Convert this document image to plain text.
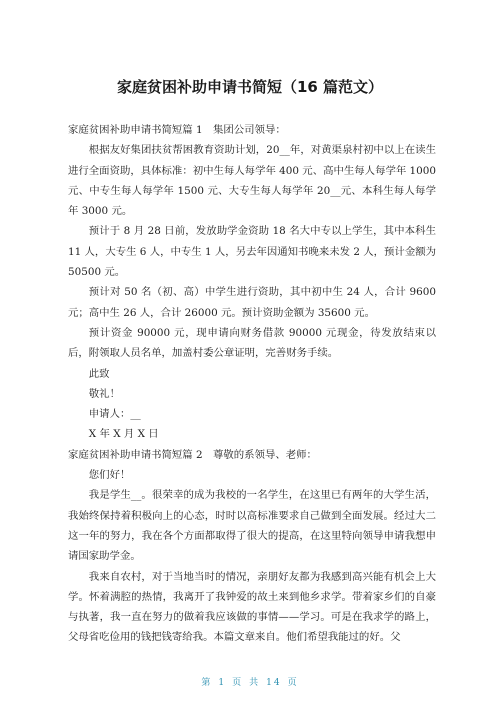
家庭贫困补助申请书简短（16 篇范文）

家庭贫困补助申请书简短篇 1　集团公司领导：

根据友好集团扶贫帮困教育资助计划，20__年，对黄渠泉村初中以上在读生进行全面资助，具体标准：初中生每人每学年 400 元、高中生每人每学年 1000 元、中专生每人每学年 1500 元、大专生每人每学年 20__元、本科生每人每学年 3000 元。

预计于 8 月 28 日前，发放助学金资助 18 名大中专以上学生，其中本科生 11 人，大专生 6 人，中专生 1 人，另去年因通知书晚来未发 2 人，预计金额为 50500 元。

预计对 50 名（初、高）中学生进行资助，其中初中生 24 人，合计 9600 元；高中生 26 人，合计 26000 元。预计资助金额为 35600 元。

预计资金 90000 元，现申请向财务借款 90000 元现金，待发放结束以后，附领取人员名单，加盖村委公章证明，完善财务手续。

此致

敬礼！

申请人：__

X 年 X 月 X 日

家庭贫困补助申请书简短篇 2　尊敬的系领导、老师：

您们好！

我是学生__。很荣幸的成为我校的一名学生，在这里已有两年的大学生活，我始终保持着积极向上的心态，时时以高标准要求自己做到全面发展。经过大二这一年的努力，我在各个方面都取得了很大的提高，在这里特向领导申请我想申请国家助学金。

我来自农村，对于当地当时的情况，亲朋好友都为我感到高兴能有机会上大学。怀着满腔的热情，我离开了我钟爱的故土来到他乡求学。带着家乡们的自豪与执著，我一直在努力的做着我应该做的事情——学习。可是在我求学的路上，父母省吃俭用的钱把钱寄给我。本篇文章来自。他们希望我能过的好。父

第 1 页 共 14 页
